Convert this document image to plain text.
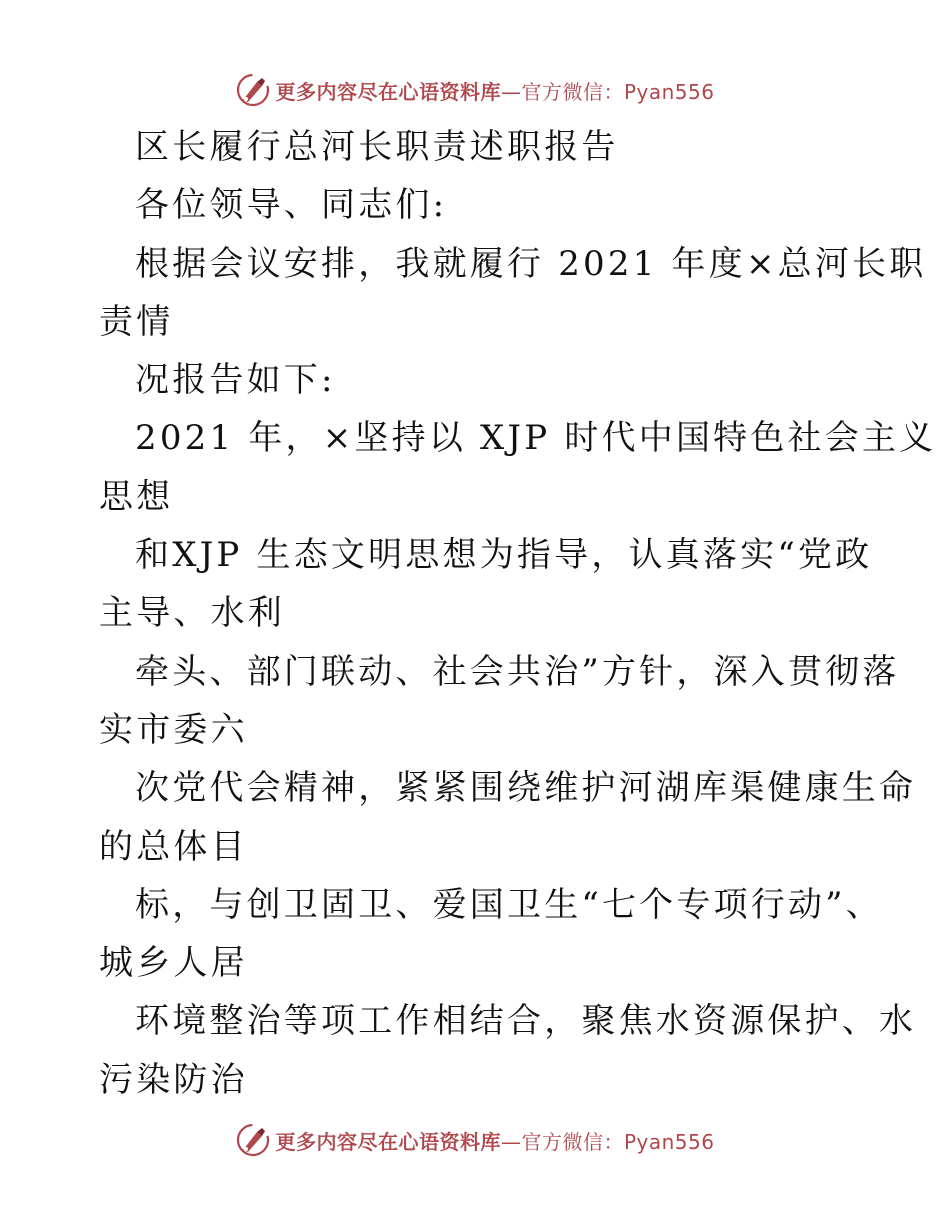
更多内容尽在心语资料库—官方微信：Pyan556
区长履行总河长职责述职报告
各位领导、同志们:
根据会议安排，我就履行 2021 年度×总河长职
责情
况报告如下:
2021 年，×坚持以 XJP 时代中国特色社会主义
思想
和XJP 生态文明思想为指导，认真落实“党政
主导、水利
牵头、部门联动、社会共治”方针，深入贯彻落
实市委六
次党代会精神，紧紧围绕维护河湖库渠健康生命
的总体目
标，与创卫固卫、爱国卫生“七个专项行动”、
城乡人居
环境整治等项工作相结合，聚焦水资源保护、水
污染防治
更多内容尽在心语资料库—官方微信：Pyan556
